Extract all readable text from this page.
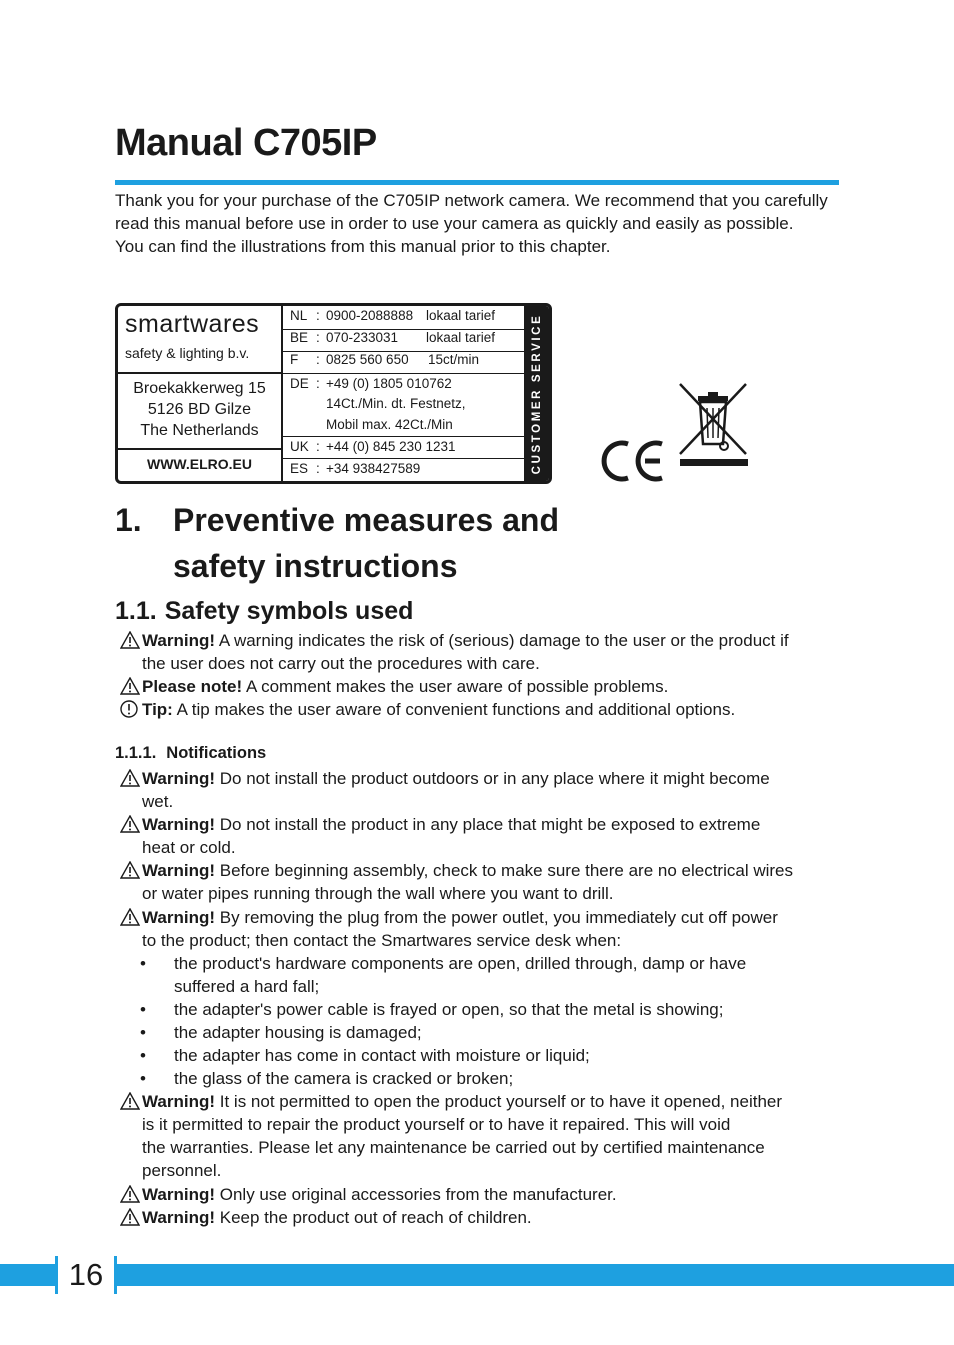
Manual C705IP

Thank you for your purchase of the C705IP network camera. We recommend that you carefully read this manual before use in order to use your camera as quickly and easily as possible.

You can find the illustrations from this manual prior to this chapter.

smartwares
safety & lighting b.v.
Broekakkerweg 15
5126 BD Gilze
The Netherlands
WWW.ELRO.EU
NL : 0900-2088888 lokaal tarief
BE : 070-233031 lokaal tarief
F : 0825 560 650 15ct/min
DE : +49 (0) 1805 010762
14Ct./Min. dt. Festnetz,
Mobil max. 42Ct./Min
UK : +44 (0) 845 230 1231
ES : +34 938427589	CUSTOMER SERVICE
1. Preventive measures and
safety instructions
1.1. Safety symbols used
Warning! A warning indicates the risk of (serious) damage to the user or the product if
the user does not carry out the procedures with care.
Please note! A comment makes the user aware of possible problems.
Tip: A tip makes the user aware of convenient functions and additional options.
1.1.1. Notifications
Warning! Do not install the product outdoors or in any place where it might become
wet.
Warning! Do not install the product in any place that might be exposed to extreme
heat or cold.
Warning! Before beginning assembly, check to make sure there are no electrical wires
or water pipes running through the wall where you want to drill.
Warning! By removing the plug from the power outlet, you immediately cut off power
to the product; then contact the Smartwares service desk when:
•	the product's hardware components are open, drilled through, damp or have
suffered a hard fall;
•	the adapter's power cable is frayed or open, so that the metal is showing;
•	the adapter housing is damaged;
•	the adapter has come in contact with moisture or liquid;
•	the glass of the camera is cracked or broken;
Warning! It is not permitted to open the product yourself or to have it opened, neither
is it permitted to repair the product yourself or to have it repaired. This will void
the warranties. Please let any maintenance be carried out by certified maintenance
personnel.
Warning! Only use original accessories from the manufacturer.
Warning! Keep the product out of reach of children.
16
